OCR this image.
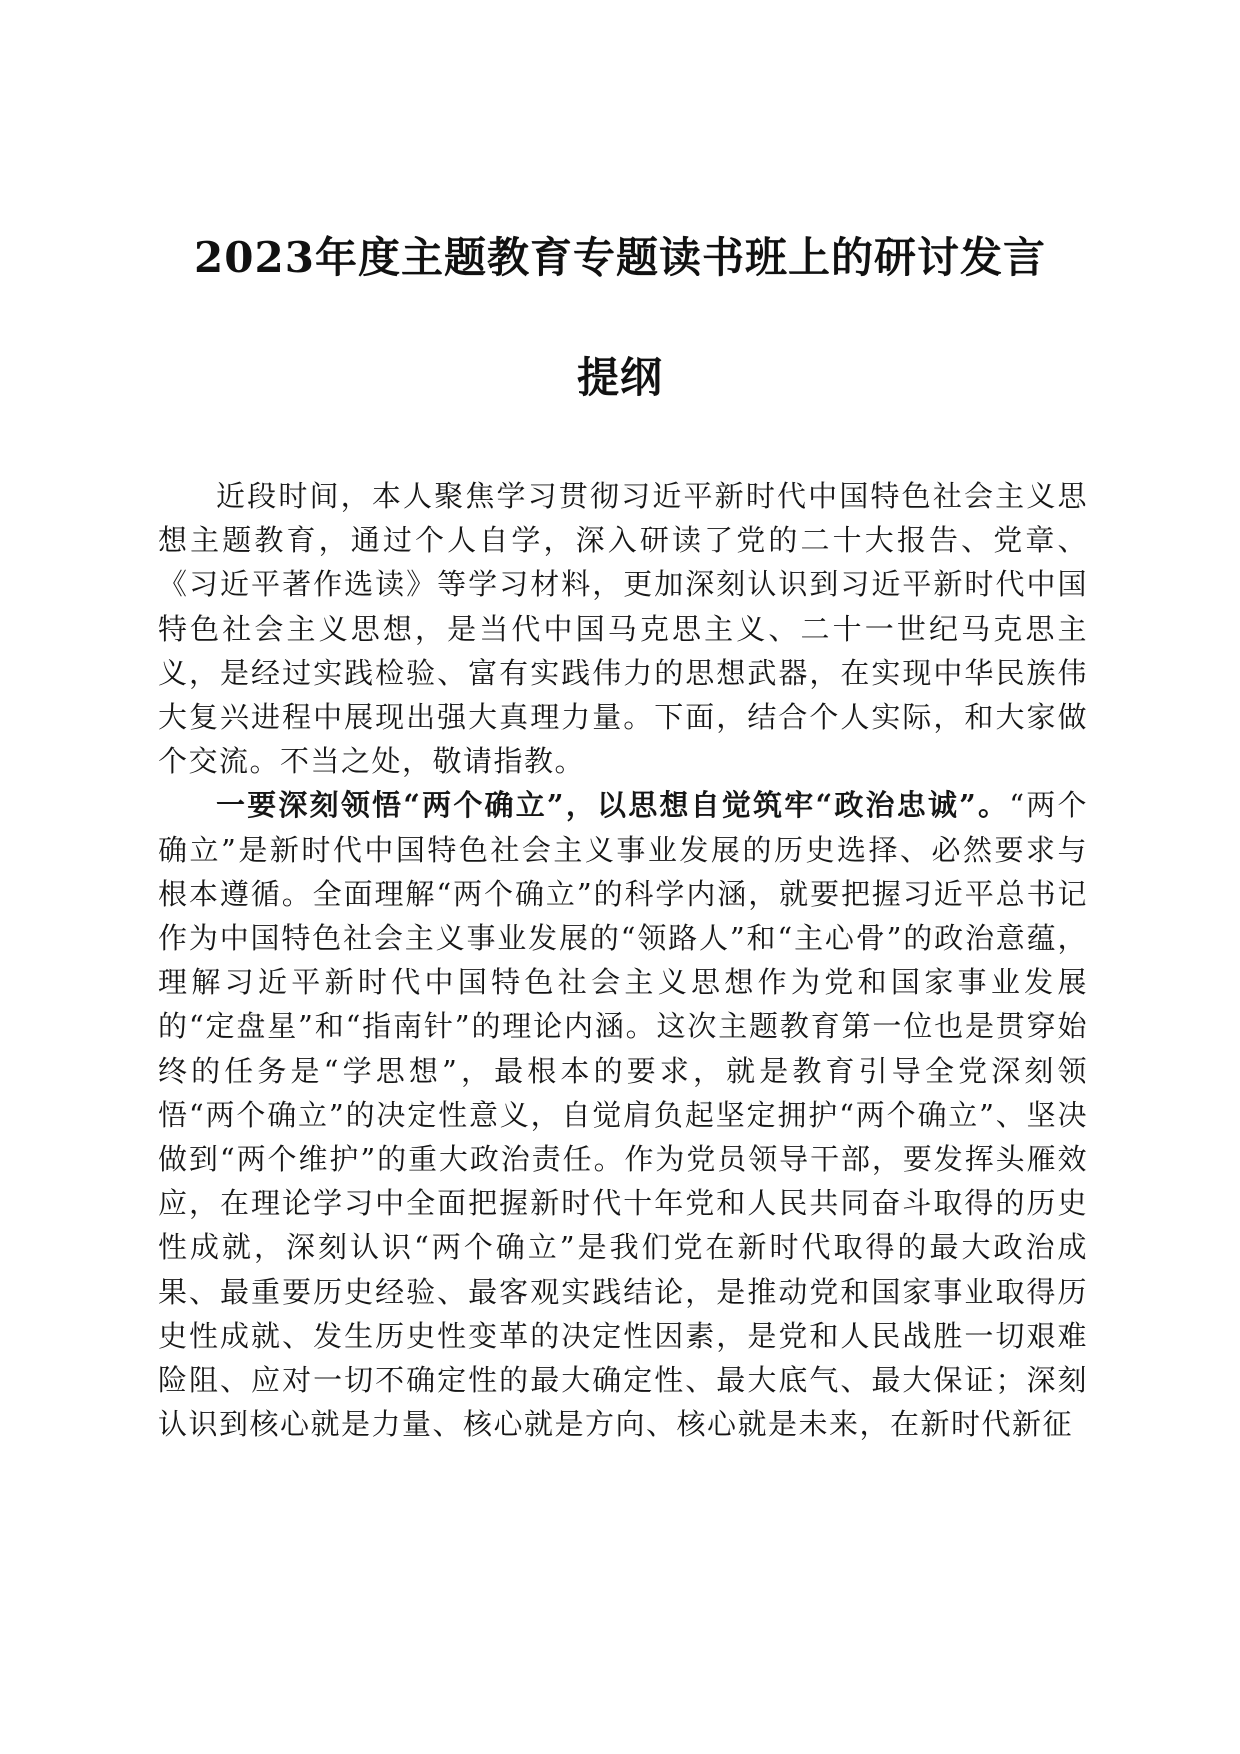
2023年度主题教育专题读书班上的研讨发言
提纲

近段时间，本人聚焦学习贯彻习近平新时代中国特色社会主义思想主题教育，通过个人自学，深入研读了党的二十大报告、党章、《习近平著作选读》等学习材料，更加深刻认识到习近平新时代中国特色社会主义思想，是当代中国马克思主义、二十一世纪马克思主义，是经过实践检验、富有实践伟力的思想武器，在实现中华民族伟大复兴进程中展现出强大真理力量。下面，结合个人实际，和大家做个交流。不当之处，敬请指教。

一要深刻领悟“两个确立”，以思想自觉筑牢“政治忠诚”。“两个确立”是新时代中国特色社会主义事业发展的历史选择、必然要求与根本遵循。全面理解“两个确立”的科学内涵，就要把握习近平总书记作为中国特色社会主义事业发展的“领路人”和“主心骨”的政治意蕴，理解习近平新时代中国特色社会主义思想作为党和国家事业发展的“定盘星”和“指南针”的理论内涵。这次主题教育第一位也是贯穿始终的任务是“学思想”，最根本的要求，就是教育引导全党深刻领悟“两个确立”的决定性意义，自觉肩负起坚定拥护“两个确立”、坚决做到“两个维护”的重大政治责任。作为党员领导干部，要发挥头雁效应，在理论学习中全面把握新时代十年党和人民共同奋斗取得的历史性成就，深刻认识“两个确立”是我们党在新时代取得的最大政治成果、最重要历史经验、最客观实践结论，是推动党和国家事业取得历史性成就、发生历史性变革的决定性因素，是党和人民战胜一切艰难险阻、应对一切不确定性的最大确定性、最大底气、最大保证；深刻认识到核心就是力量、核心就是方向、核心就是未来，在新时代新征
